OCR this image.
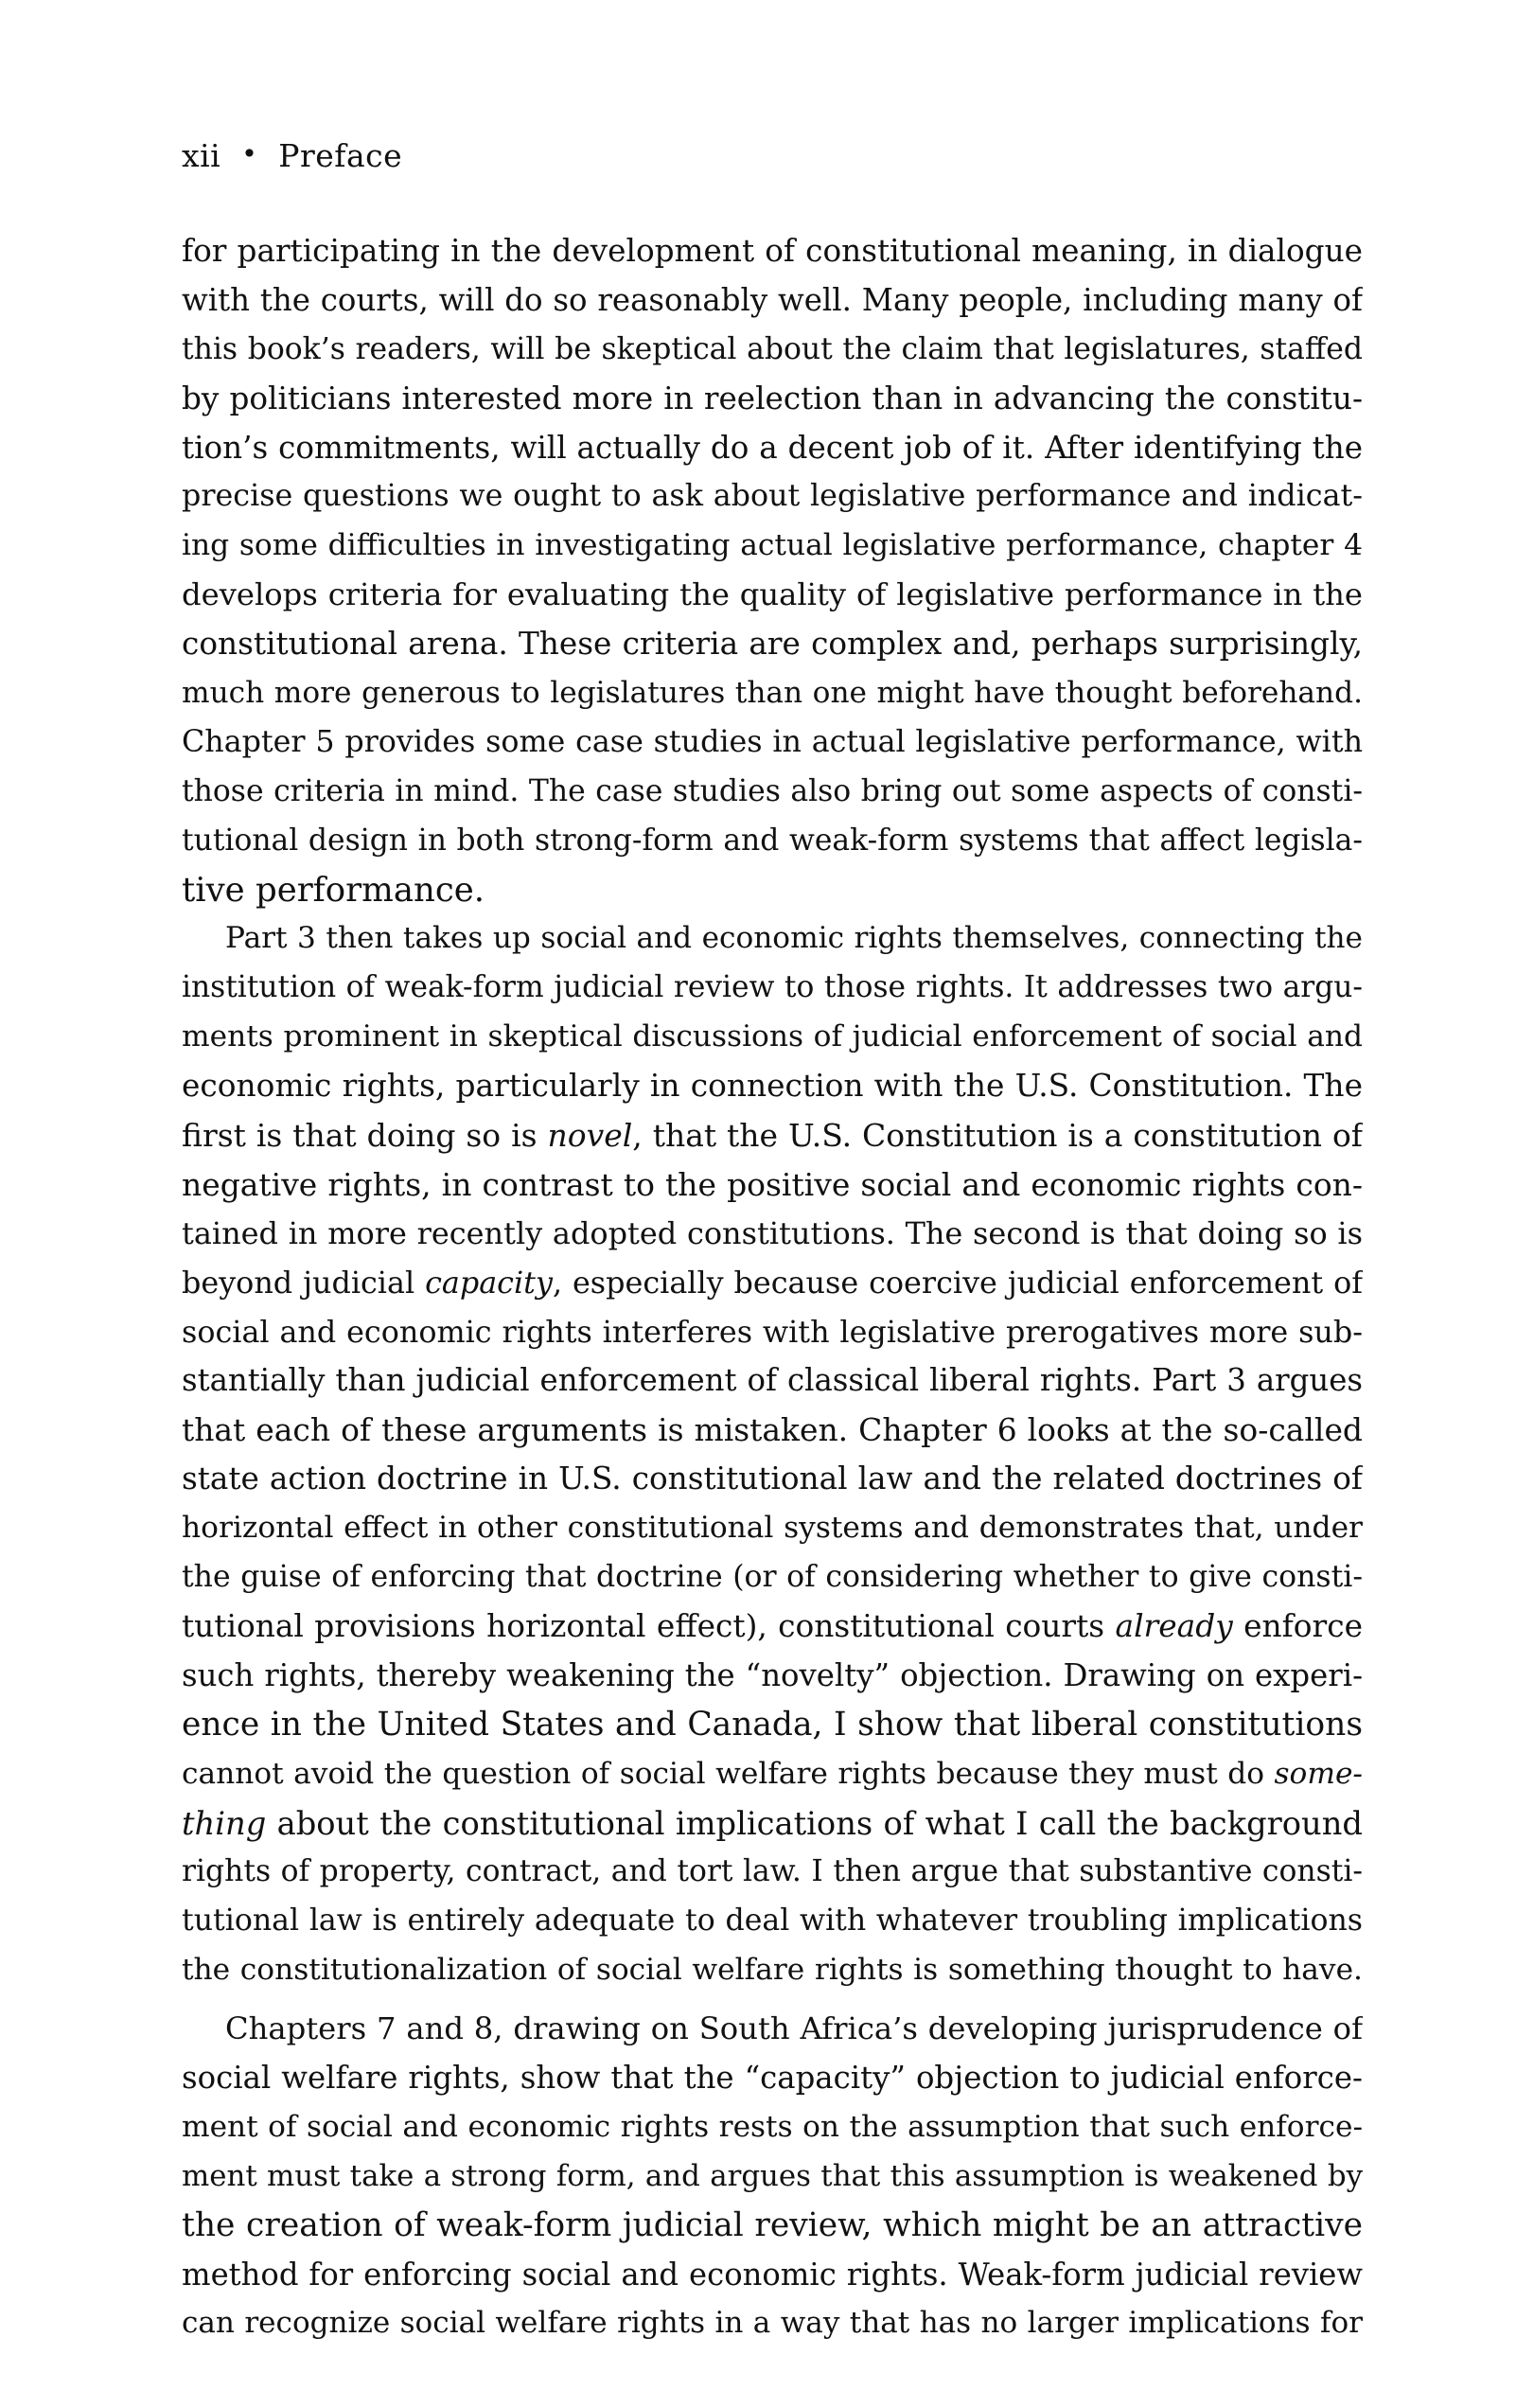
xii • Preface
for participating in the development of constitutional meaning, in dialogue
with the courts, will do so reasonably well. Many people, including many of
this book’s readers, will be skeptical about the claim that legislatures, staffed
by politicians interested more in reelection than in advancing the constitu-
tion’s commitments, will actually do a decent job of it. After identifying the
precise questions we ought to ask about legislative performance and indicat-
ing some difficulties in investigating actual legislative performance, chapter 4
develops criteria for evaluating the quality of legislative performance in the
constitutional arena. These criteria are complex and, perhaps surprisingly,
much more generous to legislatures than one might have thought beforehand.
Chapter 5 provides some case studies in actual legislative performance, with
those criteria in mind. The case studies also bring out some aspects of consti-
tutional design in both strong-form and weak-form systems that affect legisla-
tive performance.
Part 3 then takes up social and economic rights themselves, connecting the
institution of weak-form judicial review to those rights. It addresses two argu-
ments prominent in skeptical discussions of judicial enforcement of social and
economic rights, particularly in connection with the U.S. Constitution. The
first is that doing so is novel, that the U.S. Constitution is a constitution of
negative rights, in contrast to the positive social and economic rights con-
tained in more recently adopted constitutions. The second is that doing so is
beyond judicial capacity, especially because coercive judicial enforcement of
social and economic rights interferes with legislative prerogatives more sub-
stantially than judicial enforcement of classical liberal rights. Part 3 argues
that each of these arguments is mistaken. Chapter 6 looks at the so-called
state action doctrine in U.S. constitutional law and the related doctrines of
horizontal effect in other constitutional systems and demonstrates that, under
the guise of enforcing that doctrine (or of considering whether to give consti-
tutional provisions horizontal effect), constitutional courts already enforce
such rights, thereby weakening the “novelty” objection. Drawing on experi-
ence in the United States and Canada, I show that liberal constitutions
cannot avoid the question of social welfare rights because they must do some-
thing about the constitutional implications of what I call the background
rights of property, contract, and tort law. I then argue that substantive consti-
tutional law is entirely adequate to deal with whatever troubling implications
the constitutionalization of social welfare rights is something thought to have.
Chapters 7 and 8, drawing on South Africa’s developing jurisprudence of
social welfare rights, show that the “capacity” objection to judicial enforce-
ment of social and economic rights rests on the assumption that such enforce-
ment must take a strong form, and argues that this assumption is weakened by
the creation of weak-form judicial review, which might be an attractive
method for enforcing social and economic rights. Weak-form judicial review
can recognize social welfare rights in a way that has no larger implications for
